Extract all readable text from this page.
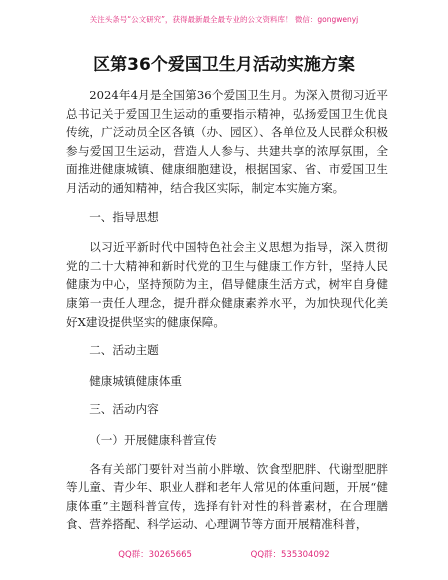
关注头条号“公文研究”，获得最新最全最专业的公文资料库！ 微信：gongwenyj
区第36个爱国卫生月活动实施方案

2024年4月是全国第36个爱国卫生月。为深入贯彻习近平总书记关于爱国卫生运动的重要指示精神，弘扬爱国卫生优良传统，广泛动员全区各镇（办、园区）、各单位及人民群众积极参与爱国卫生运动，营造人人参与、共建共享的浓厚氛围，全面推进健康城镇、健康细胞建设，根据国家、省、市爱国卫生月活动的通知精神，结合我区实际，制定本实施方案。

一、指导思想

以习近平新时代中国特色社会主义思想为指导，深入贯彻党的二十大精神和新时代党的卫生与健康工作方针，坚持人民健康为中心，坚持预防为主，倡导健康生活方式，树牢自身健康第一责任人理念，提升群众健康素养水平，为加快现代化美好X建设提供坚实的健康保障。

二、活动主题

健康城镇健康体重

三、活动内容

（一）开展健康科普宣传

各有关部门要针对当前小胖墩、饮食型肥胖、代谢型肥胖等儿童、青少年、职业人群和老年人常见的体重问题，开展“健康体重”主题科普宣传，选择有针对性的科普素材，在合理膳食、营养搭配、科学运动、心理调节等方面开展精准科普，

QQ群：30265665	QQ群：535304092
